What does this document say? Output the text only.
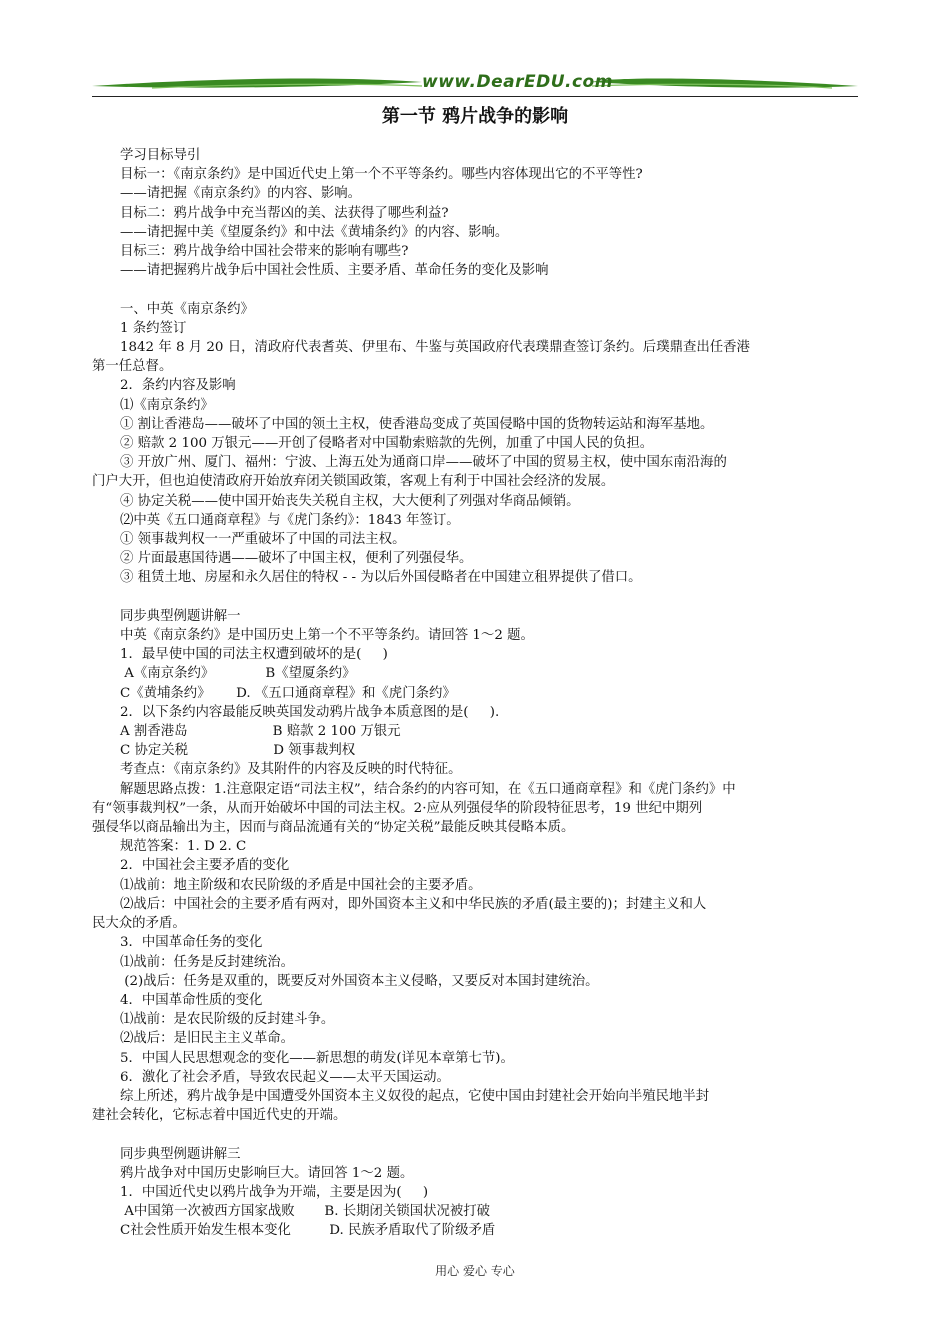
www.DearEDU.com
第一节 鸦片战争的影响

学习目标导引

目标一：《南京条约》是中国近代史上第一个不平等条约。哪些内容体现出它的不平等性?

——请把握《南京条约》的内容、影响。

目标二：鸦片战争中充当帮凶的美、法获得了哪些利益?

——请把握中美《望厦条约》和中法《黄埔条约》的内容、影响。

目标三：鸦片战争给中国社会带来的影响有哪些?

——请把握鸦片战争后中国社会性质、主要矛盾、革命任务的变化及影响

一、中英《南京条约》

1 条约签订

1842 年 8 月 20 日，清政府代表耆英、伊里布、牛鉴与英国政府代表璞鼎查签订条约。后璞鼎查出任香港

第一任总督。

2．条约内容及影响

⑴《南京条约》

① 割让香港岛——破坏了中国的领土主权，使香港岛变成了英国侵略中国的货物转运站和海军基地。

② 赔款 2 100 万银元——开创了侵略者对中国勒索赔款的先例，加重了中国人民的负担。

③ 开放广州、厦门、福州：宁波、上海五处为通商口岸——破坏了中国的贸易主权，使中国东南沿海的

门户大开，但也迫使清政府开始放弃闭关锁国政策，客观上有利于中国社会经济的发展。

④ 协定关税——使中国开始丧失关税自主权，大大便利了列强对华商品倾销。

⑵中英《五口通商章程》与《虎门条约》：1843 年签订。

① 领事裁判权一一严重破坏了中国的司法主权。

② 片面最惠国待遇——破坏了中国主权，便利了列强侵华。

③ 租赁土地、房屋和永久居住的特权 - - 为以后外国侵略者在中国建立租界提供了借口。

同步典型例题讲解一

中英《南京条约》是中国历史上第一个不平等条约。请回答 1～2 题。

1．最早使中国的司法主权遭到破坏的是(     )

A《南京条约》            B《望厦条约》

C《黄埔条约》      D. 《五口通商章程》和《虎门条约》

2．以下条约内容最能反映英国发动鸦片战争本质意图的是(     ).

A 割香港岛                    B 赔款 2 100 万银元

C 协定关税                    D 领事裁判权

考查点：《南京条约》及其附件的内容及反映的时代特征。

解题思路点拨：1.注意限定语“司法主权”，结合条约的内容可知，在《五口通商章程》和《虎门条约》中

有“领事裁判权”一条，从而开始破坏中国的司法主权。2·应从列强侵华的阶段特征思考，19 世纪中期列

强侵华以商品输出为主，因而与商品流通有关的“协定关税”最能反映其侵略本质。

规范答案：1. D 2. C

2．中国社会主要矛盾的变化

⑴战前：地主阶级和农民阶级的矛盾是中国社会的主要矛盾。

⑵战后：中国社会的主要矛盾有两对，即外国资本主义和中华民族的矛盾(最主要的)；封建主义和人

民大众的矛盾。

3．中国革命任务的变化

⑴战前：任务是反封建统治。

(2)战后：任务是双重的，既要反对外国资本主义侵略，又要反对本国封建统治。

4．中国革命性质的变化

⑴战前：是农民阶级的反封建斗争。

⑵战后：是旧民主主义革命。

5．中国人民思想观念的变化——新思想的萌发(详见本章第七节)。

6．激化了社会矛盾，导致农民起义——太平天国运动。

综上所述，鸦片战争是中国遭受外国资本主义奴役的起点，它使中国由封建社会开始向半殖民地半封

建社会转化，它标志着中国近代史的开端。

同步典型例题讲解三

鸦片战争对中国历史影响巨大。请回答 1～2 题。

1．中国近代史以鸦片战争为开端，主要是因为(     )

A中国第一次被西方国家战败       B. 长期闭关锁国状况被打破

C社会性质开始发生根本变化         D. 民族矛盾取代了阶级矛盾

用心 爱心 专心
